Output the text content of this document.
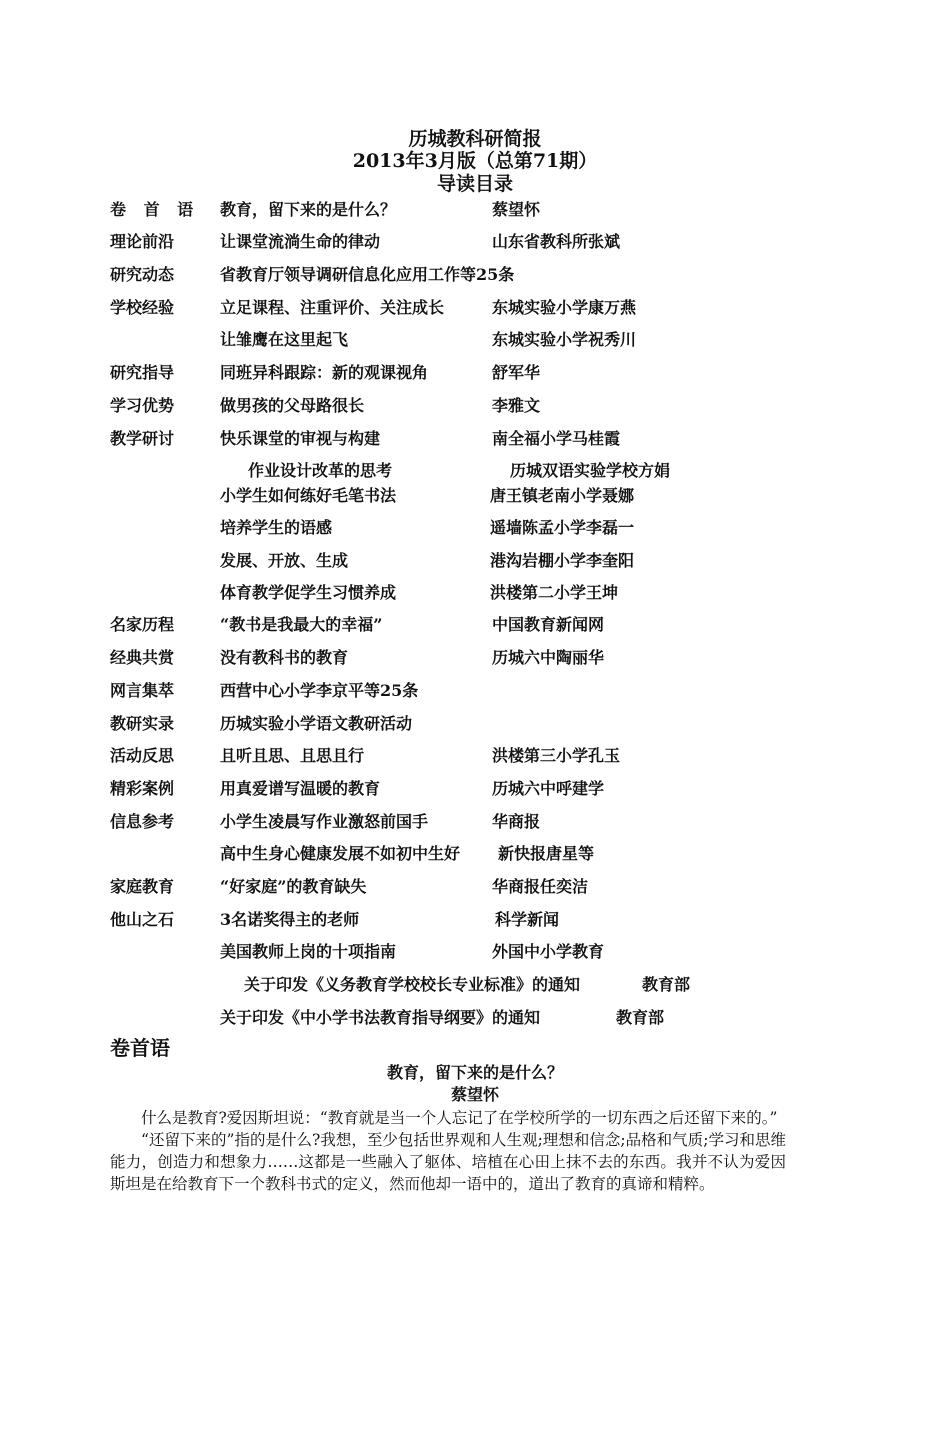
历城教科研简报
2013年3月版（总第71期）
导读目录
卷 首 语 教育，留下来的是什么？	蔡望怀
理论前沿	让课堂流淌生命的律动	山东省教科所张斌
研究动态	省教育厅领导调研信息化应用工作等25条
学校经验	立足课程、注重评价、关注成长	东城实验小学康万燕
让雏鹰在这里起飞	东城实验小学祝秀川
研究指导	同班异科跟踪：新的观课视角	舒军华
学习优势	做男孩的父母路很长	李雅文
教学研讨	快乐课堂的审视与构建	南全福小学马桂霞
作业设计改革的思考	历城双语实验学校方娟
小学生如何练好毛笔书法	唐王镇老南小学聂娜
培养学生的语感	遥墙陈孟小学李磊一
发展、开放、生成	港沟岩棚小学李奎阳
体育教学促学生习惯养成	洪楼第二小学王坤
名家历程	“教书是我最大的幸福”	中国教育新闻网
经典共赏	没有教科书的教育	历城六中陶丽华
网言集萃	西营中心小学李京平等25条
教研实录	历城实验小学语文教研活动
活动反思	且听且思、且思且行	洪楼第三小学孔玉
精彩案例	用真爱谱写温暖的教育	历城六中呼建学
信息参考	小学生凌晨写作业激怒前国手	华商报
高中生身心健康发展不如初中生好 新快报唐星等
家庭教育	“好家庭”的教育缺失	华商报任奕洁
他山之石	3名诺奖得主的老师	科学新闻
美国教师上岗的十项指南	外国中小学教育
关于印发《义务教育学校校长专业标准》的通知	教育部
关于印发《中小学书法教育指导纲要》的通知	教育部
卷首语
教育，留下来的是什么？
蔡望怀

什么是教育?爱因斯坦说：“教育就是当一个人忘记了在学校所学的一切东西之后还留下来的。”

“还留下来的”指的是什么?我想，至少包括世界观和人生观;理想和信念;品格和气质;学习和思维能力，创造力和想象力……这都是一些融入了躯体、培植在心田上抹不去的东西。我并不认为爱因斯坦是在给教育下一个教科书式的定义，然而他却一语中的，道出了教育的真谛和精粹。
